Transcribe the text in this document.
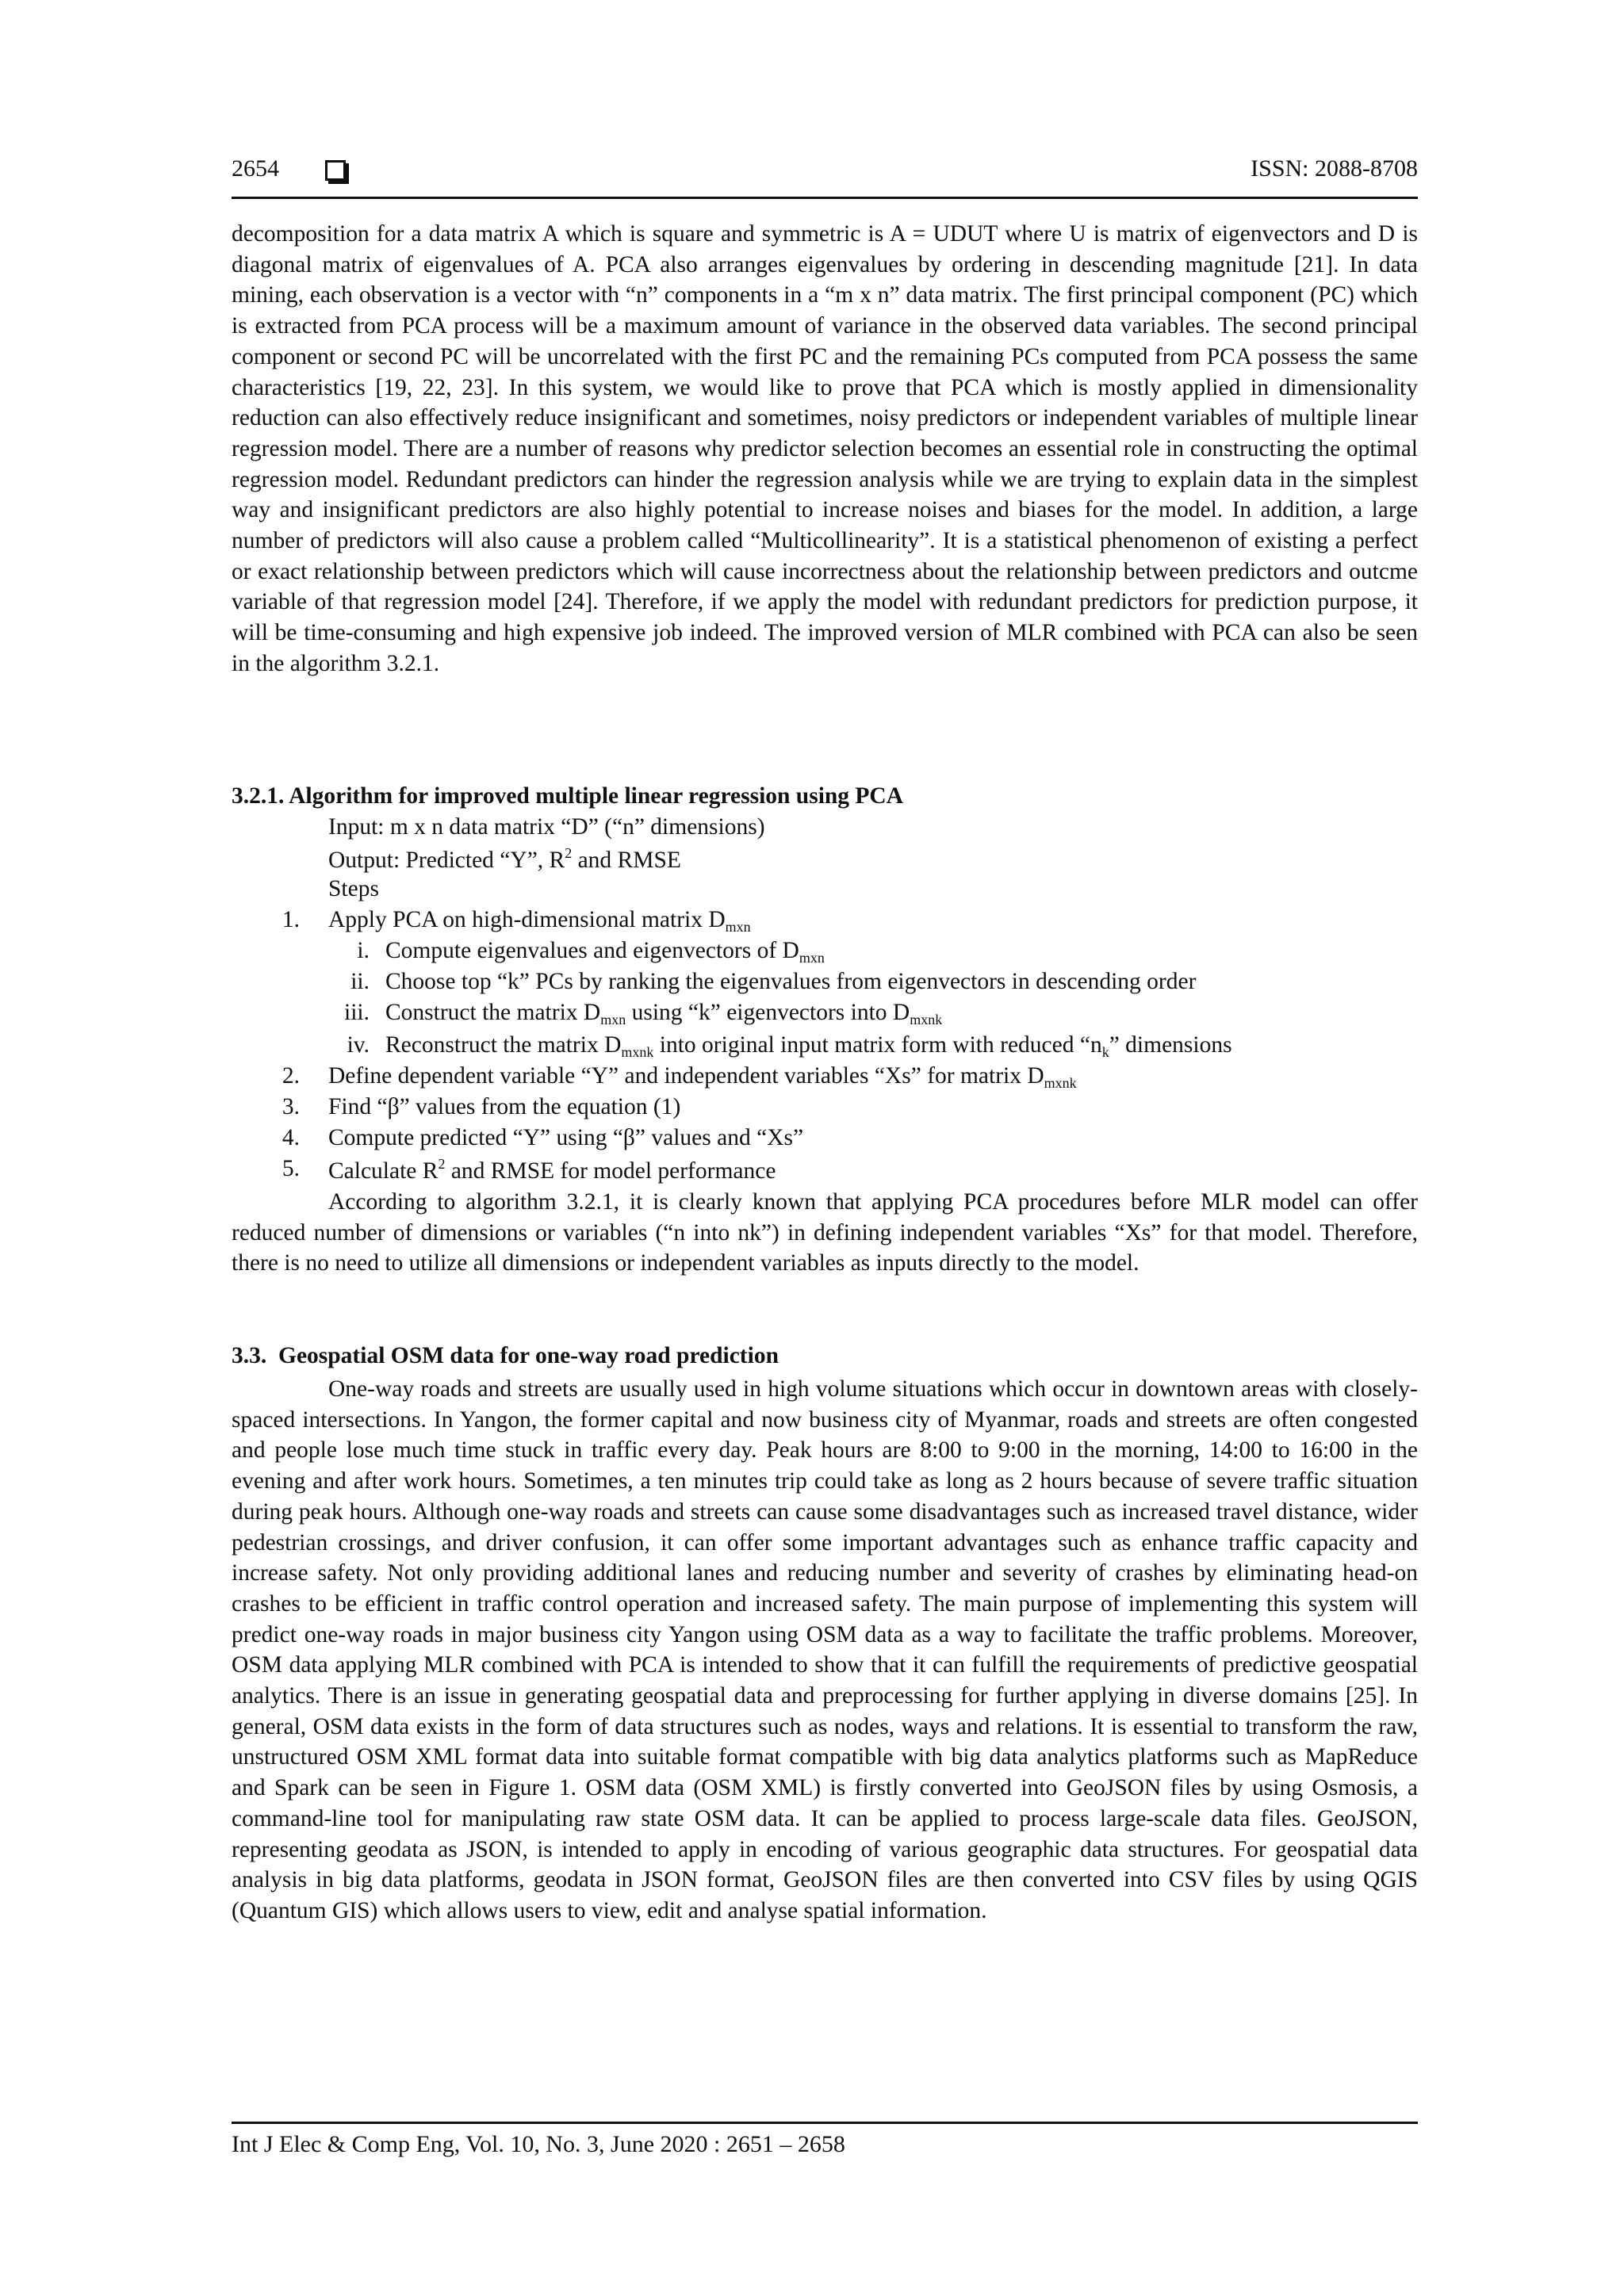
2654	ISSN: 2088-8708

decomposition for a data matrix A which is square and symmetric is A = UDUT where U is matrix of eigenvectors and D is diagonal matrix of eigenvalues of A. PCA also arranges eigenvalues by ordering in descending magnitude [21]. In data mining, each observation is a vector with “n” components in a “m x n” data matrix. The first principal component (PC) which is extracted from PCA process will be a maximum amount of variance in the observed data variables. The second principal component or second PC will be uncorrelated with the first PC and the remaining PCs computed from PCA possess the same characteristics [19, 22, 23]. In this system, we would like to prove that PCA which is mostly applied in dimensionality reduction can also effectively reduce insignificant and sometimes, noisy predictors or independent variables of multiple linear regression model. There are a number of reasons why predictor selection becomes an essential role in constructing the optimal regression model. Redundant predictors can hinder the regression analysis while we are trying to explain data in the simplest way and insignificant predictors are also highly potential to increase noises and biases for the model. In addition, a large number of predictors will also cause a problem called “Multicollinearity”. It is a statistical phenomenon of existing a perfect or exact relationship between predictors which will cause incorrectness about the relationship between predictors and outcme variable of that regression model [24]. Therefore, if we apply the model with redundant predictors for prediction purpose, it will be time-consuming and high expensive job indeed. The improved version of MLR combined with PCA can also be seen in the algorithm 3.2.1.

3.2.1. Algorithm for improved multiple linear regression using PCA

Input: m x n data matrix “D” (“n” dimensions)
Output: Predicted “Y”, $R^2$ and RMSE
Steps
1. Apply PCA on high-dimensional matrix $D_{mxn}$
i. Compute eigenvalues and eigenvectors of $D_{mxn}$
ii. Choose top “k” PCs by ranking the eigenvalues from eigenvectors in descending order
iii. Construct the matrix $D_{mxn}$ using “k” eigenvectors into $D_{mxnk}$
iv. Reconstruct the matrix $D_{mxnk}$ into original input matrix form with reduced “$n_k$” dimensions
2. Define dependent variable “Y” and independent variables “Xs” for matrix $D_{mxnk}$
3. Find “β” values from the equation (1)
4. Compute predicted “Y” using “β” values and “Xs”
5. Calculate $R^2$ and RMSE for model performance

According to algorithm 3.2.1, it is clearly known that applying PCA procedures before MLR model can offer reduced number of dimensions or variables (“n into nk”) in defining independent variables “Xs” for that model. Therefore, there is no need to utilize all dimensions or independent variables as inputs directly to the model.

3.3.  Geospatial OSM data for one-way road prediction

One-way roads and streets are usually used in high volume situations which occur in downtown areas with closely-spaced intersections. In Yangon, the former capital and now business city of Myanmar, roads and streets are often congested and people lose much time stuck in traffic every day. Peak hours are 8:00 to 9:00 in the morning, 14:00 to 16:00 in the evening and after work hours. Sometimes, a ten minutes trip could take as long as 2 hours because of severe traffic situation during peak hours. Although one-way roads and streets can cause some disadvantages such as increased travel distance, wider pedestrian crossings, and driver confusion, it can offer some important advantages such as enhance traffic capacity and increase safety. Not only providing additional lanes and reducing number and severity of crashes by eliminating head-on crashes to be efficient in traffic control operation and increased safety. The main purpose of implementing this system will predict one-way roads in major business city Yangon using OSM data as a way to facilitate the traffic problems. Moreover, OSM data applying MLR combined with PCA is intended to show that it can fulfill the requirements of predictive geospatial analytics. There is an issue in generating geospatial data and preprocessing for further applying in diverse domains [25]. In general, OSM data exists in the form of data structures such as nodes, ways and relations. It is essential to transform the raw, unstructured OSM XML format data into suitable format compatible with big data analytics platforms such as MapReduce and Spark can be seen in Figure 1. OSM data (OSM XML) is firstly converted into GeoJSON files by using Osmosis, a command-line tool for manipulating raw state OSM data. It can be applied to process large-scale data files. GeoJSON, representing geodata as JSON, is intended to apply in encoding of various geographic data structures. For geospatial data analysis in big data platforms, geodata in JSON format, GeoJSON files are then converted into CSV files by using QGIS (Quantum GIS) which allows users to view, edit and analyse spatial information.

Int J Elec & Comp Eng, Vol. 10, No. 3, June 2020 : 2651 – 2658
